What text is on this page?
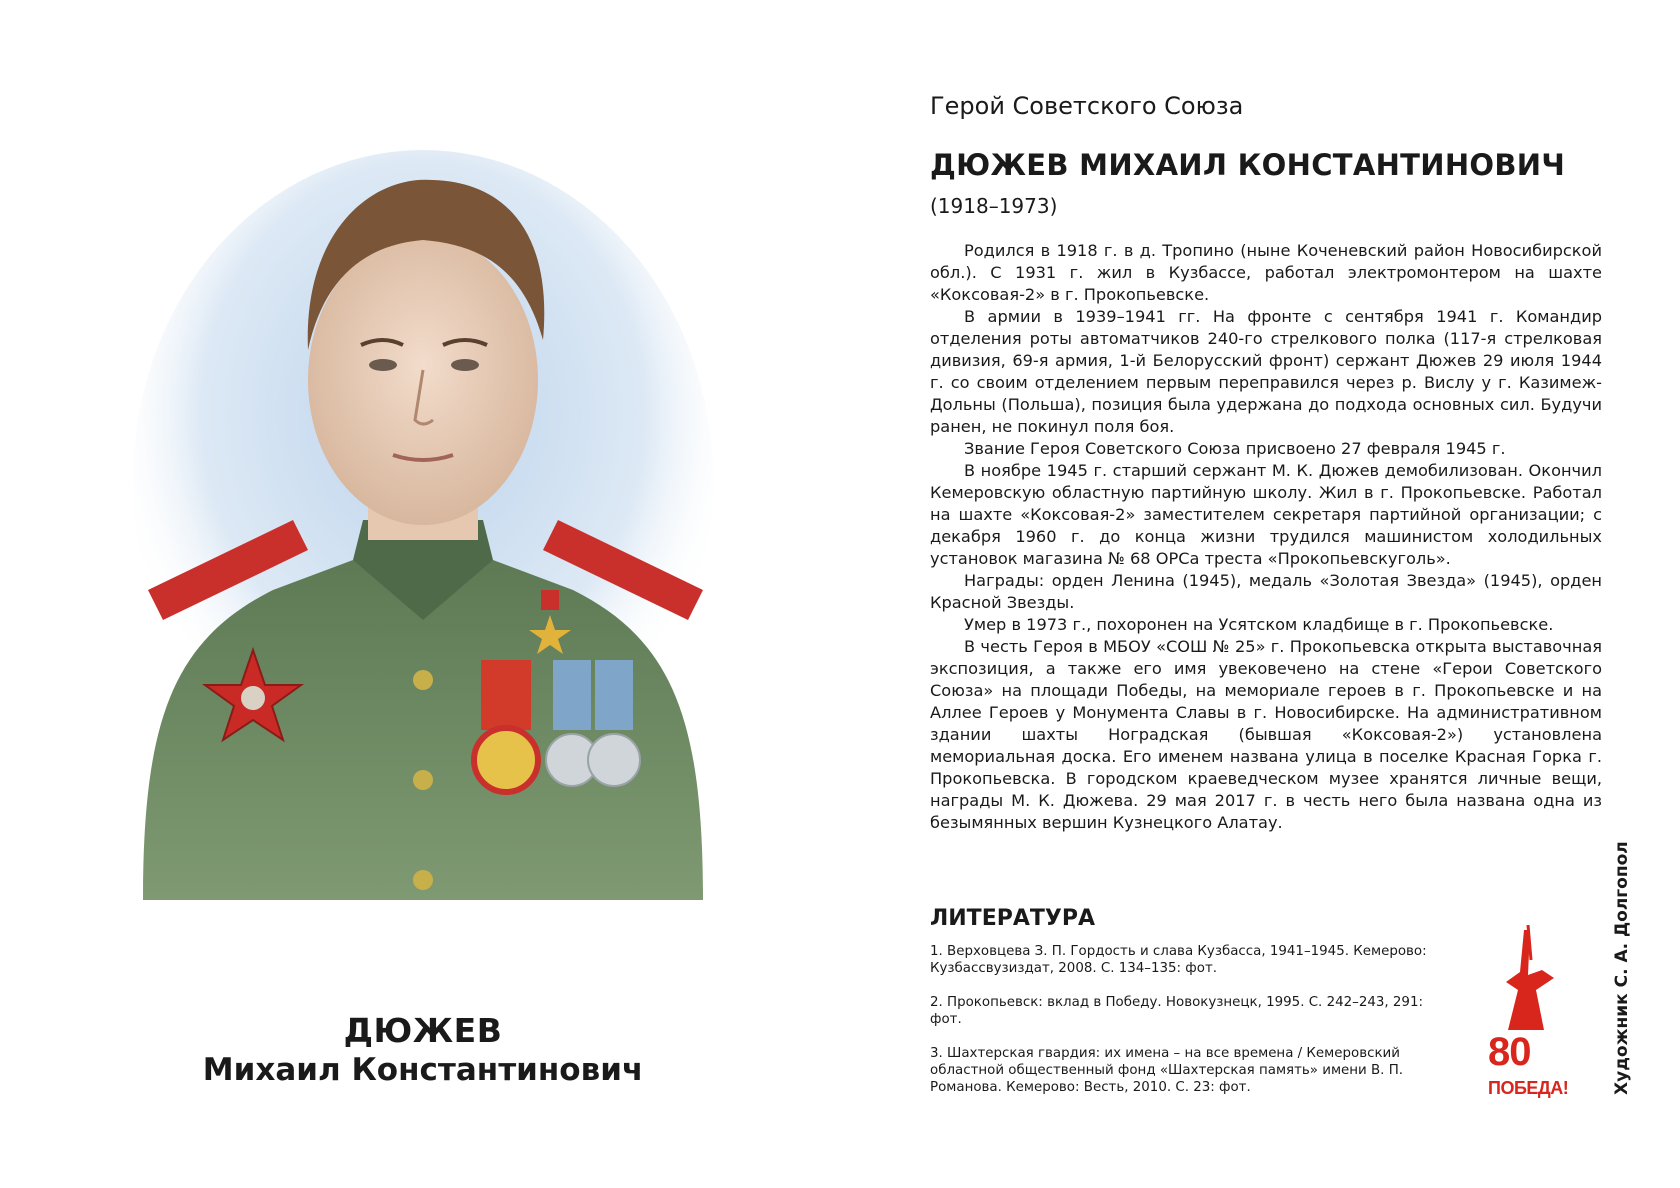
ДЮЖЕВ
Михаил Константинович
Герой Советского Союза
ДЮЖЕВ МИХАИЛ КОНСТАНТИНОВИЧ
(1918–1973)

Родился в 1918 г. в д. Тропино (ныне Коченевский район Новосибирской обл.). С 1931 г. жил в Кузбассе, работал электромонтером на шахте «Коксовая-2» в г. Прокопьевске.

В армии в 1939–1941 гг. На фронте с сентября 1941 г. Командир отделения роты автоматчиков 240-го стрелкового полка (117-я стрелковая дивизия, 69-я армия, 1-й Белорусский фронт) сержант Дюжев 29 июля 1944 г. со своим отделением первым переправился через р. Вислу у г. Казимеж-Дольны (Польша), позиция была удержана до подхода основных сил. Будучи ранен, не покинул поля боя.

Звание Героя Советского Союза присвоено 27 февраля 1945 г.

В ноябре 1945 г. старший сержант М. К. Дюжев демобилизован. Окончил Кемеровскую областную партийную школу. Жил в г. Прокопьевске. Работал на шахте «Коксовая-2» заместителем секретаря партийной организации; с декабря 1960 г. до конца жизни трудился машинистом холодильных установок магазина № 68 ОРСа треста «Прокопьевскуголь».

Награды: орден Ленина (1945), медаль «Золотая Звезда» (1945), орден Красной Звезды.

Умер в 1973 г., похоронен на Усятском кладбище в г. Прокопьевске.

В честь Героя в МБОУ «СОШ № 25» г. Прокопьевска открыта выставочная экспозиция, а также его имя увековечено на стене «Герои Советского Союза» на площади Победы, на мемориале героев в г. Прокопьевске и на Аллее Героев у Монумента Славы в г. Новосибирске. На административном здании шахты Ноградская (бывшая «Коксовая-2») установлена мемориальная доска. Его именем названа улица в поселке Красная Горка г. Прокопьевска. В городском краеведческом музее хранятся личные вещи, награды М. К. Дюжева. 29 мая 2017 г. в честь него была названа одна из безымянных вершин Кузнецкого Алатау.

ЛИТЕРАТУРА

1. Верховцева З. П. Гордость и слава Кузбасса, 1941–1945. Кемерово: Кузбассвузиздат, 2008. С. 134–135: фот.

2. Прокопьевск: вклад в Победу. Новокузнецк, 1995. С. 242–243, 291: фот.

3. Шахтерская гвардия: их имена – на все времена / Кемеровский областной общественный фонд «Шахтерская память» имени В. П. Романова. Кемерово: Весть, 2010. С. 23: фот.

80
ПОБЕДА!	Художник С. А. Долгопол
